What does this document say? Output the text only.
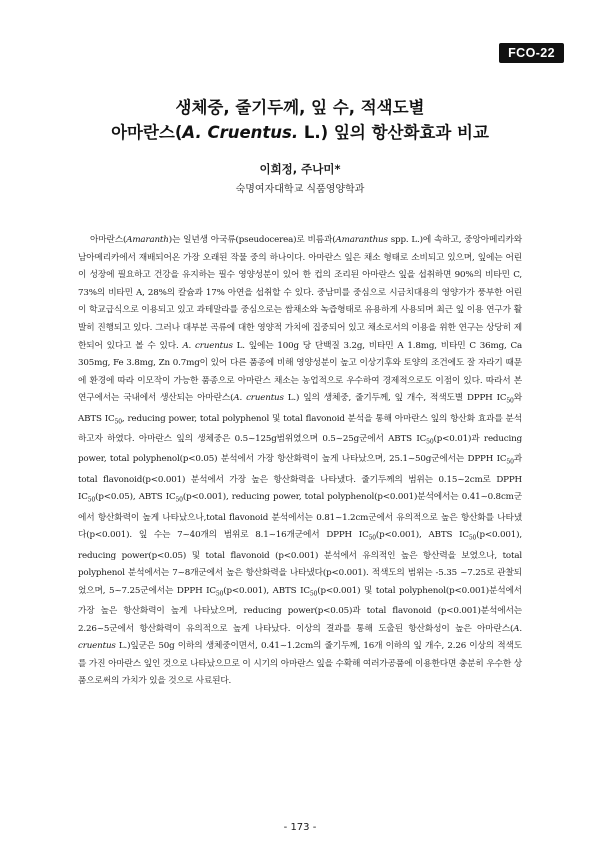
FCO-22
생체중, 줄기두께, 잎 수, 적색도별
아마란스(A. Cruentus. L.) 잎의 항산화효과 비교
이희정, 주나미*
숙명여자대학교 식품영양학과

아마란스(Amaranth)는 일년생 아국류(pseudocerea)로 비름과(Amaranthus spp. L.)에 속하고, 중앙아메리카와 남아메리카에서 재배되어온 가장 오래된 작물 중의 하나이다. 아마란스 잎은 채소 형태로 소비되고 있으며, 잎에는 어린이 성장에 필요하고 건강을 유지하는 필수 영양성분이 있어 한 컵의 조리된 아마란스 잎을 섭취하면 90%의 비타민 C, 73%의 비타민 A, 28%의 칼슘과 17% 아연을 섭취할 수 있다. 중남미를 중심으로 시금치대용의 영양가가 풍부한 어린이 학교급식으로 이용되고 있고 과테말라를 중심으로는 쌈채소와 녹즙형태로 유용하게 사용되며 최근 잎 이용 연구가 활발히 진행되고 있다. 그러나 대부분 곡류에 대한 영양적 가치에 집중되어 있고 채소로서의 이용을 위한 연구는 상당히 제한되어 있다고 볼 수 있다. A. cruentus L. 잎에는 100g 당 단백질 3.2g, 비타민 A 1.8mg, 비타민 C 36mg, Ca 305mg, Fe 3.8mg, Zn 0.7mg이 있어 다른 품종에 비해 영양성분이 높고 이상기후와 토양의 조건에도 잘 자라기 때문에 환경에 따라 이모작이 가능한 품종으로 아마란스 채소는 농업적으로 우수하여 경제적으로도 이점이 있다. 따라서 본 연구에서는 국내에서 생산되는 아마란스(A. cruentus L.) 잎의 생체중, 줄기두께, 잎 개수, 적색도별 DPPH $IC_{50}$와 ABTS $IC_{50}$, reducing power, total polyphenol 및 total flavonoid 분석을 통해 아마란스 잎의 항산화 효과를 분석하고자 하였다. 아마란스 잎의 생체중은 0.5~125g범위였으며 0.5~25g군에서 ABTS $IC_{50}(p<0.01)$과 reducing power, total polyphenol(p<0.05) 분석에서 가장 항산화력이 높게 나타났으며, 25.1~50g군에서는 DPPH $IC_{50}$과 total flavonoid(p<0.001) 분석에서 가장 높은 항산화력을 나타냈다. 줄기두께의 범위는 0.15~2cm로 DPPH $IC_{50}(p<0.05)$, ABTS $IC_{50}(p<0.001)$, reducing power, total polyphenol(p<0.001)분석에서는 0.41~0.8cm군에서 항산화력이 높게 나타났으나,total flavonoid 분석에서는 0.81~1.2cm군에서 유의적으로 높은 항산화를 나타냈다(p<0.001). 잎 수는 7~40개의 범위로 8.1~16개군에서 DPPH $IC_{50}(p<0.001)$, ABTS $IC_{50}(p<0.001)$, reducing power(p<0.05) 및 total flavonoid (p<0.001) 분석에서 유의적인 높은 항산력을 보였으나, total polyphenol 분석에서는 7~8개군에서 높은 항산화력을 나타냈다(p<0.001). 적색도의 범위는 -5.35 ~7.25로 관찰되었으며, 5~7.25군에서는 DPPH $IC_{50}(p<0.001)$, ABTS $IC_{50}(p<0.001)$ 및 total polyphenol(p<0.001)분석에서 가장 높은 항산화력이 높게 나타났으며, reducing power(p<0.05)과 total flavonoid (p<0.001)분석에서는 2.26~5군에서 항산화력이 유의적으로 높게 나타났다. 이상의 결과를 통해 도출된 항산화성이 높은 아마란스(A. cruentus L.)잎군은 50g 이하의 생체중이면서, 0.41~1.2cm의 줄기두께, 16개 이하의 잎 개수, 2.26 이상의 적색도를 가진 아마란스 잎인 것으로 나타났으므로 이 시기의 아마란스 잎을 수확해 여러가공품에 이용한다면 충분히 우수한 상품으로써의 가치가 있을 것으로 사료된다.

- 173 -
